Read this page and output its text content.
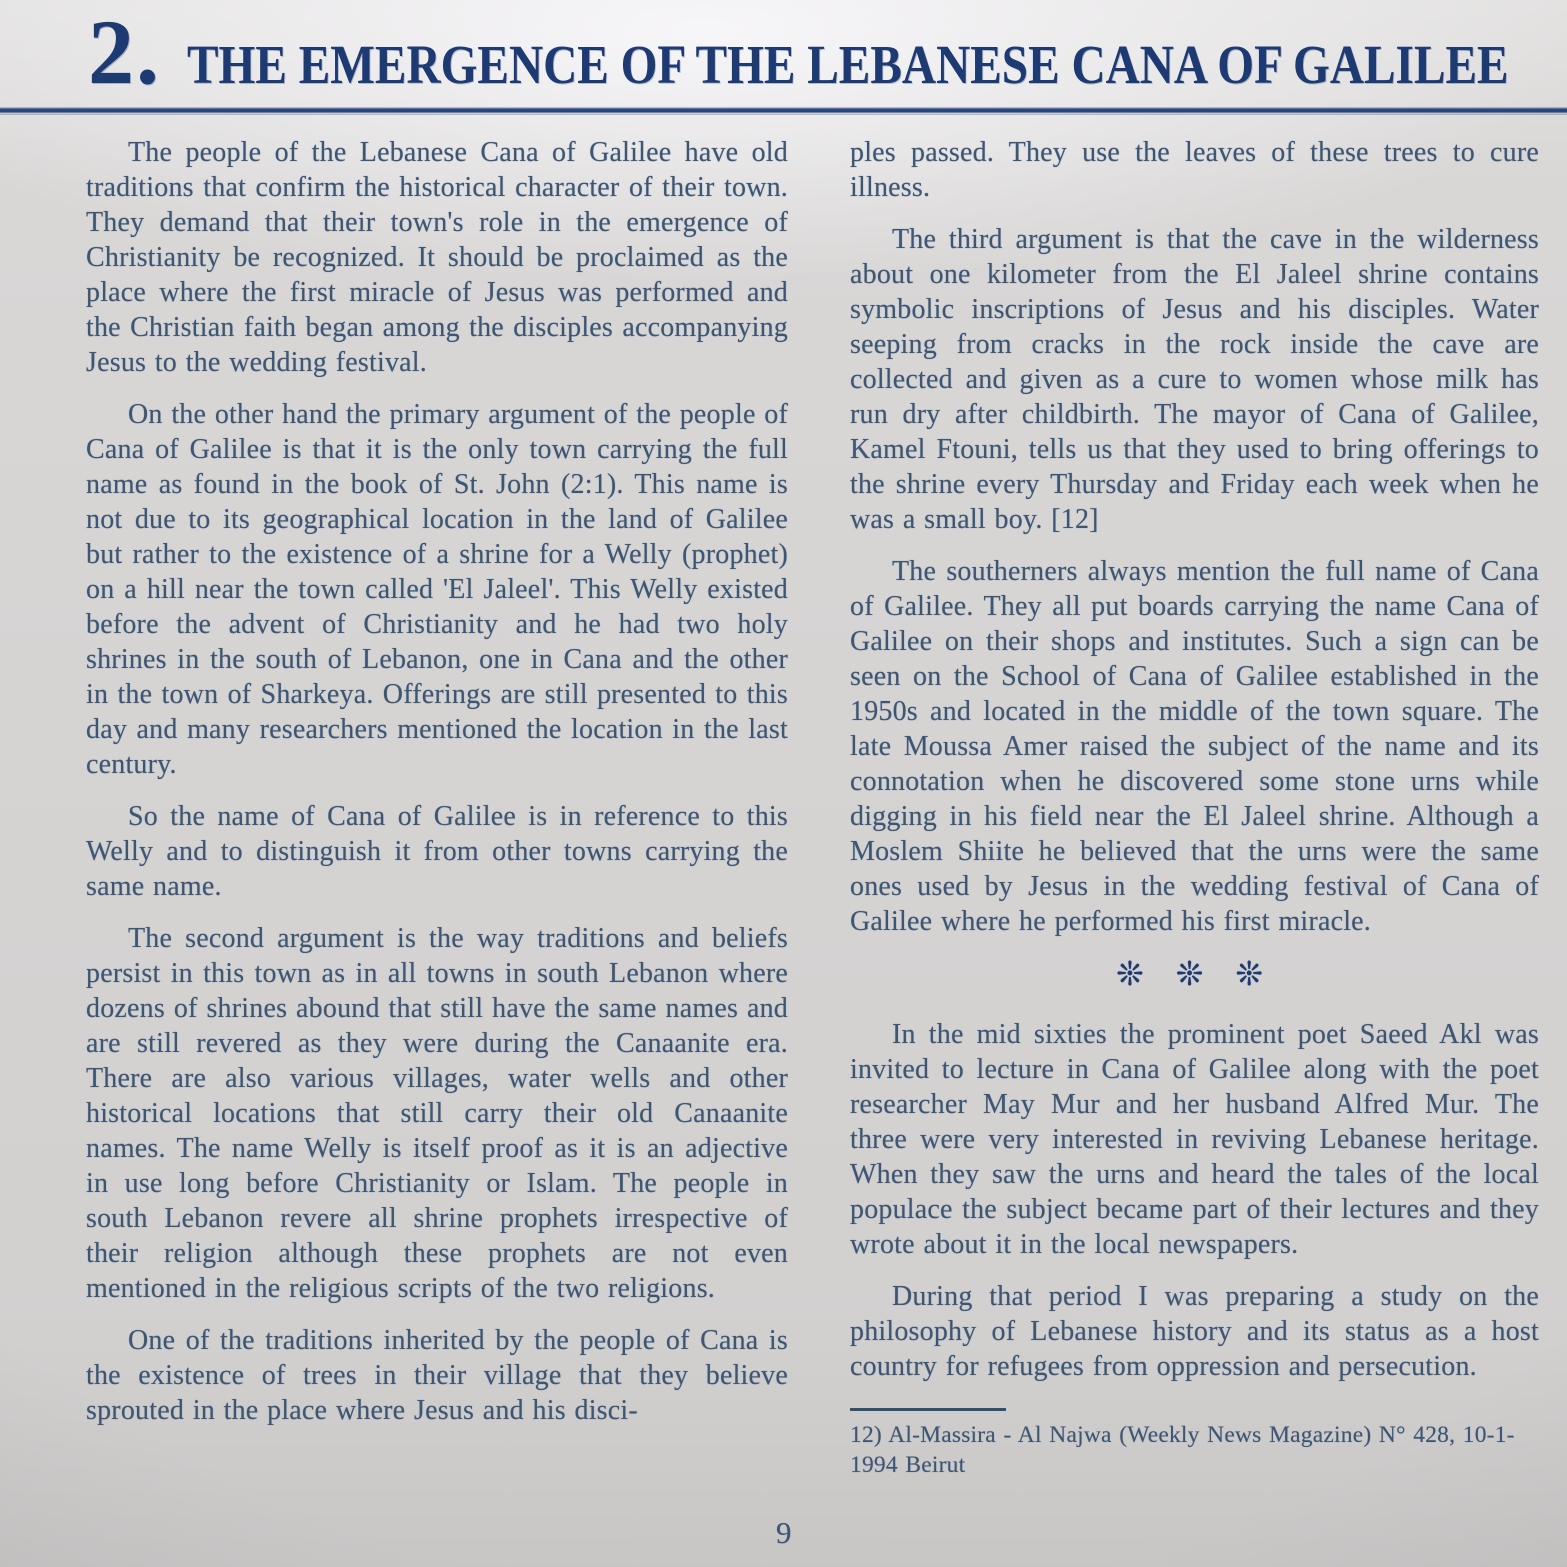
2. THE EMERGENCE OF THE LEBANESE CANA OF GALILEE

The people of the Lebanese Cana of Galilee have old traditions that confirm the historical character of their town. They demand that their town's role in the emergence of Christianity be recognized. It should be proclaimed as the place where the first miracle of Jesus was performed and the Christian faith began among the disciples accompanying Jesus to the wedding festival.

On the other hand the primary argument of the people of Cana of Galilee is that it is the only town carrying the full name as found in the book of St. John (2:1). This name is not due to its geographical location in the land of Galilee but rather to the existence of a shrine for a Welly (prophet) on a hill near the town called 'El Jaleel'. This Welly existed before the advent of Christianity and he had two holy shrines in the south of Lebanon, one in Cana and the other in the town of Sharkeya. Offerings are still presented to this day and many researchers mentioned the location in the last century.

So the name of Cana of Galilee is in reference to this Welly and to distinguish it from other towns carrying the same name.

The second argument is the way traditions and beliefs persist in this town as in all towns in south Lebanon where dozens of shrines abound that still have the same names and are still revered as they were during the Canaanite era. There are also various villages, water wells and other historical locations that still carry their old Canaanite names. The name Welly is itself proof as it is an adjective in use long before Christianity or Islam. The people in south Lebanon revere all shrine prophets irrespective of their religion although these prophets are not even mentioned in the religious scripts of the two religions.

One of the traditions inherited by the people of Cana is the existence of trees in their village that they believe sprouted in the place where Jesus and his disci-

ples passed. They use the leaves of these trees to cure illness.

The third argument is that the cave in the wilderness about one kilometer from the El Jaleel shrine contains symbolic inscriptions of Jesus and his disciples. Water seeping from cracks in the rock inside the cave are collected and given as a cure to women whose milk has run dry after childbirth. The mayor of Cana of Galilee, Kamel Ftouni, tells us that they used to bring offerings to the shrine every Thursday and Friday each week when he was a small boy. [12]

The southerners always mention the full name of Cana of Galilee. They all put boards carrying the name Cana of Galilee on their shops and institutes. Such a sign can be seen on the School of Cana of Galilee established in the 1950s and located in the middle of the town square. The late Moussa Amer raised the subject of the name and its connotation when he discovered some stone urns while digging in his field near the El Jaleel shrine. Although a Moslem Shiite he believed that the urns were the same ones used by Jesus in the wedding festival of Cana of Galilee where he performed his first miracle.

❊ ❊ ❊

In the mid sixties the prominent poet Saeed Akl was invited to lecture in Cana of Galilee along with the poet researcher May Mur and her husband Alfred Mur. The three were very interested in reviving Lebanese heritage. When they saw the urns and heard the tales of the local populace the subject became part of their lectures and they wrote about it in the local newspapers.

During that period I was preparing a study on the philosophy of Lebanese history and its status as a host country for refugees from oppression and persecution.

12) Al-Massira - Al Najwa (Weekly News Magazine) N° 428, 10-1-1994 Beirut
9
